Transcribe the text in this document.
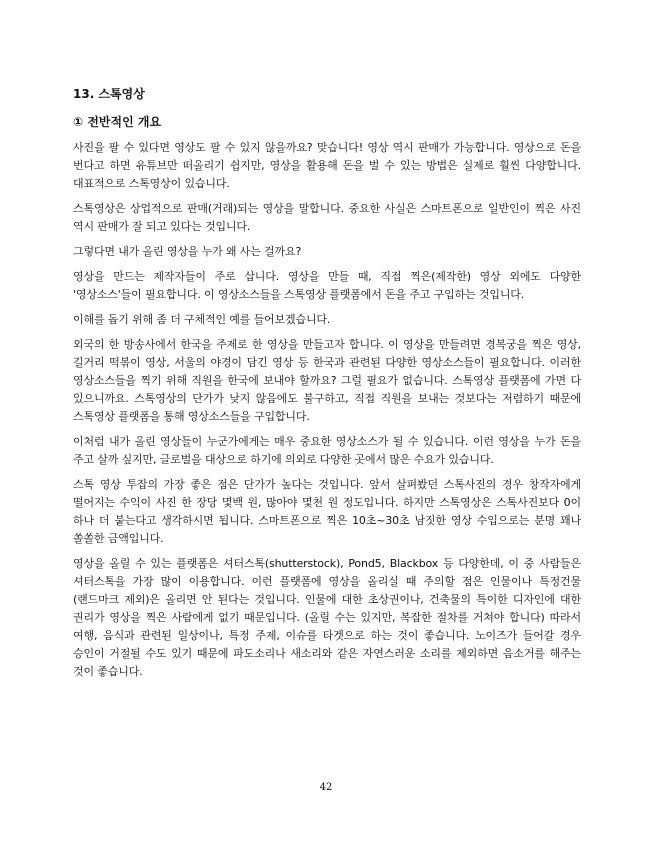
13. 스톡영상
① 전반적인 개요

사진을 팔 수 있다면 영상도 팔 수 있지 않을까요? 맞습니다! 영상 역시 판매가 가능합니다. 영상으로 돈을 번다고 하면 유튜브만 떠올리기 쉽지만, 영상을 활용해 돈을 벌 수 있는 방법은 실제로 훨씬 다양합니다. 대표적으로 스톡영상이 있습니다.

스톡영상은 상업적으로 판매(거래)되는 영상을 말합니다. 중요한 사실은 스마트폰으로 일반인이 찍은 사진 역시 판매가 잘 되고 있다는 것입니다.

그렇다면 내가 올린 영상을 누가 왜 사는 걸까요?

영상을 만드는 제작자들이 주로 삽니다. 영상을 만들 때, 직접 찍은(제작한) 영상 외에도 다양한 '영상소스'들이 필요합니다. 이 영상소스들을 스톡영상 플랫폼에서 돈을 주고 구입하는 것입니다.

이해를 돕기 위해 좀 더 구체적인 예를 들어보겠습니다.

외국의 한 방송사에서 한국을 주제로 한 영상을 만들고자 합니다. 이 영상을 만들려면 경복궁을 찍은 영상, 길거리 떡볶이 영상, 서울의 야경이 담긴 영상 등 한국과 관련된 다양한 영상소스들이 필요합니다. 이러한 영상소스들을 찍기 위해 직원을 한국에 보내야 할까요? 그럴 필요가 없습니다. 스톡영상 플랫폼에 가면 다 있으니까요. 스톡영상의 단가가 낮지 않음에도 불구하고, 직접 직원을 보내는 것보다는 저렴하기 때문에 스톡영상 플랫폼을 통해 영상소스들을 구입합니다.

이처럼 내가 올린 영상들이 누군가에게는 매우 중요한 영상소스가 될 수 있습니다. 이런 영상을 누가 돈을 주고 살까 싶지만, 글로벌을 대상으로 하기에 의외로 다양한 곳에서 많은 수요가 있습니다.

스톡 영상 투잡의 가장 좋은 점은 단가가 높다는 것입니다. 앞서 살펴봤던 스톡사진의 경우 창작자에게 떨어지는 수익이 사진 한 장당 몇백 원, 많아야 몇천 원 정도입니다. 하지만 스톡영상은 스톡사진보다 0이 하나 더 붙는다고 생각하시면 됩니다. 스마트폰으로 찍은 10초~30초 남짓한 영상 수입으로는 분명 꽤나 쏠쏠한 금액입니다.

영상을 올릴 수 있는 플랫폼은 셔터스톡(shutterstock), Pond5, Blackbox 등 다양한데, 이 중 사람들은 셔터스톡을 가장 많이 이용합니다. 이런 플랫폼에 영상을 올리실 때 주의할 점은 인물이나 특정건물(랜드마크 제외)은 올리면 안 된다는 것입니다. 인물에 대한 초상권이나, 건축물의 특이한 디자인에 대한 권리가 영상을 찍은 사람에게 없기 때문입니다. (올릴 수는 있지만, 복잡한 절차를 거쳐야 합니다) 따라서 여행, 음식과 관련된 일상이나, 특정 주제, 이슈를 타겟으로 하는 것이 좋습니다. 노이즈가 들어갈 경우 승인이 거절될 수도 있기 때문에 파도소리나 새소리와 같은 자연스러운 소리를 제외하면 음소거를 해주는 것이 좋습니다.

42
